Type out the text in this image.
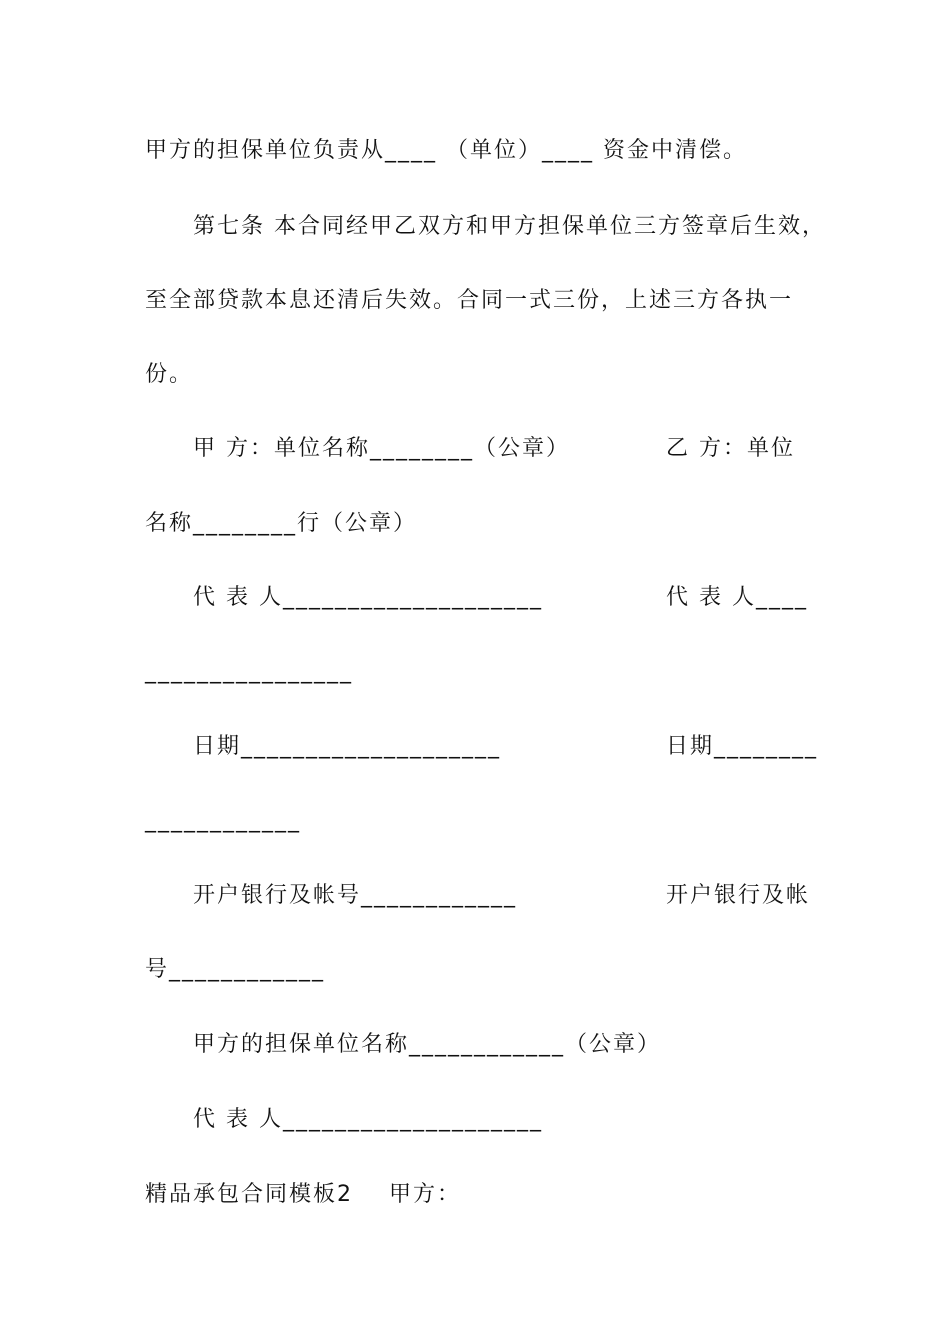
甲方的担保单位负责从____ （单位）____ 资金中清偿。
第七条 本合同经甲乙双方和甲方担保单位三方签章后生效，
至全部贷款本息还清后失效。合同一式三份，上述三方各执一
份。
甲 方：单位名称________（公章）	乙 方：单位
名称________行（公章）
代 表 人____________________	代 表 人____
________________
日期____________________	日期________
____________
开户银行及帐号____________	开户银行及帐
号____________
甲方的担保单位名称____________（公章）
代 表 人____________________
精品承包合同模板2    甲方：
